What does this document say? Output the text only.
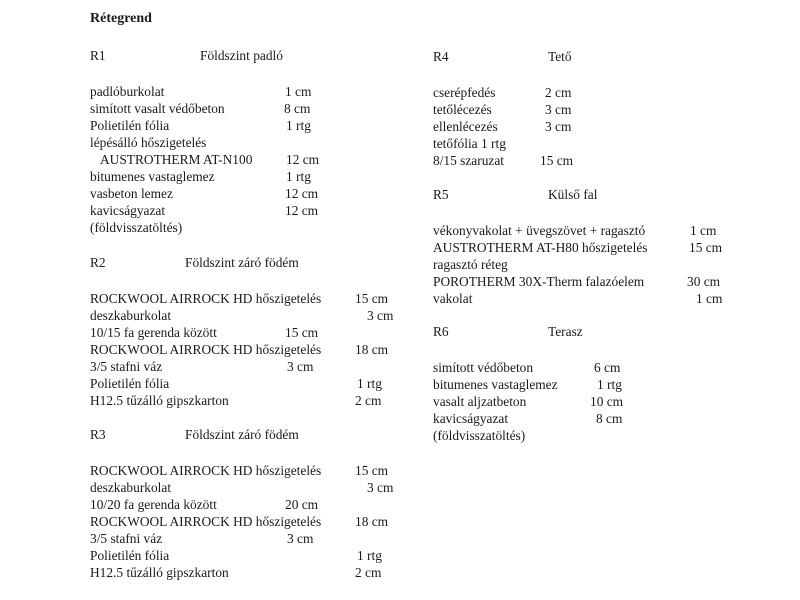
Rétegrend
R1	Földszint padló
padlóburkolat	1 cm
simított vasalt védőbeton	8 cm
Polietilén fólia	1 rtg
lépésálló hőszigetelés
AUSTROTHERM AT-N100	12 cm
bitumenes vastaglemez	1 rtg
vasbeton lemez	12 cm
kavicságyazat	12 cm
(földvisszatöltés)
R2	Földszint záró födém
ROCKWOOL AIRROCK HD hőszigetelés	15 cm
deszkaburkolat	3 cm
10/15 fa gerenda között	15 cm
ROCKWOOL AIRROCK HD hőszigetelés	18 cm
3/5 stafni váz	3 cm
Polietilén fólia	1 rtg
H12.5 tűzálló gipszkarton	2 cm
R3	Földszint záró födém
ROCKWOOL AIRROCK HD hőszigetelés	15 cm
deszkaburkolat	3 cm
10/20 fa gerenda között	20 cm
ROCKWOOL AIRROCK HD hőszigetelés	18 cm
3/5 stafni váz	3 cm
Polietilén fólia	1 rtg
H12.5 tűzálló gipszkarton	2 cm
R4	Tető
cserépfedés	2 cm
tetőlécezés	3 cm
ellenlécezés	3 cm
tetőfólia 1 rtg
8/15 szaruzat	15 cm
R5	Külső fal
vékonyvakolat + üvegszövet + ragasztó	1 cm
AUSTROTHERM AT-H80 hőszigetelés	15 cm
ragasztó réteg
POROTHERM 30X-Therm falazóelem	30 cm
vakolat	1 cm
R6	Terasz
simított védőbeton	6 cm
bitumenes vastaglemez	1 rtg
vasalt aljzatbeton	10 cm
kavicságyazat	8 cm
(földvisszatöltés)
